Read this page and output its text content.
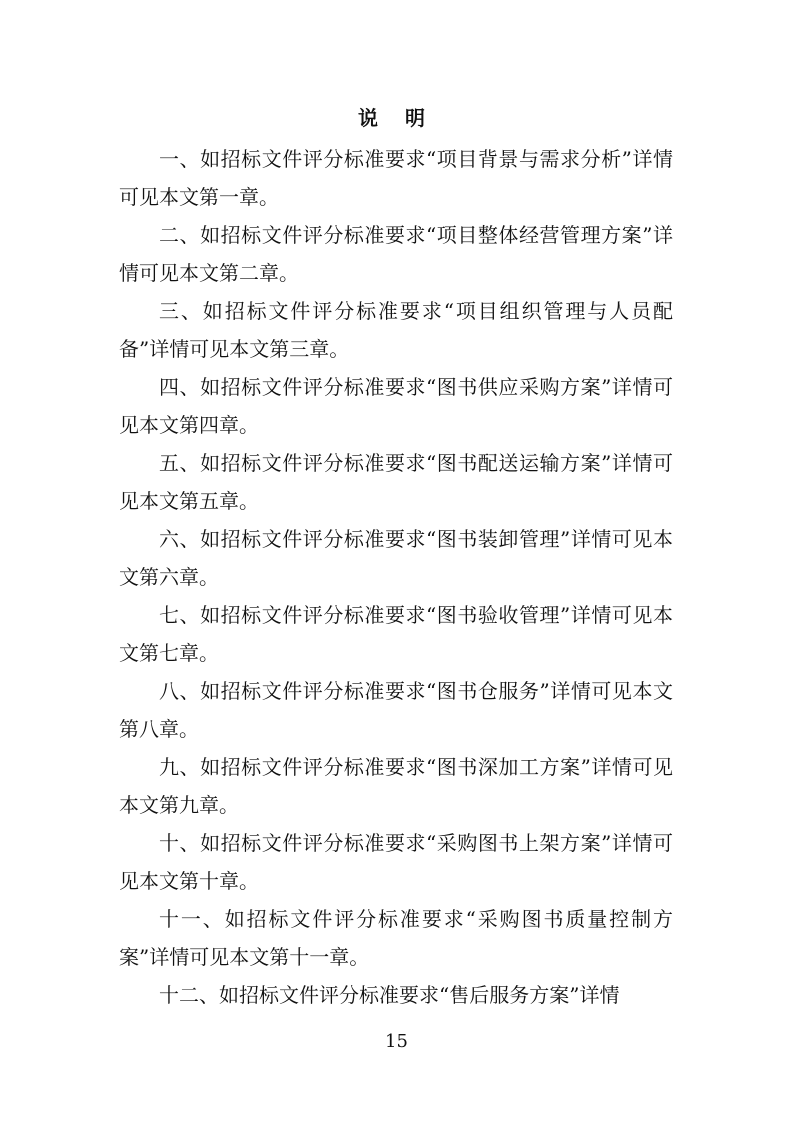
说 明

一、如招标文件评分标准要求“项目背景与需求分析”详情可见本文第一章。

二、如招标文件评分标准要求“项目整体经营管理方案”详情可见本文第二章。

三、如招标文件评分标准要求“项目组织管理与人员配备”详情可见本文第三章。

四、如招标文件评分标准要求“图书供应采购方案”详情可见本文第四章。

五、如招标文件评分标准要求“图书配送运输方案”详情可见本文第五章。

六、如招标文件评分标准要求“图书装卸管理”详情可见本文第六章。

七、如招标文件评分标准要求“图书验收管理”详情可见本文第七章。

八、如招标文件评分标准要求“图书仓服务”详情可见本文第八章。

九、如招标文件评分标准要求“图书深加工方案”详情可见本文第九章。

十、如招标文件评分标准要求“采购图书上架方案”详情可见本文第十章。

十一、如招标文件评分标准要求“采购图书质量控制方案”详情可见本文第十一章。

十二、如招标文件评分标准要求“售后服务方案”详情

15
